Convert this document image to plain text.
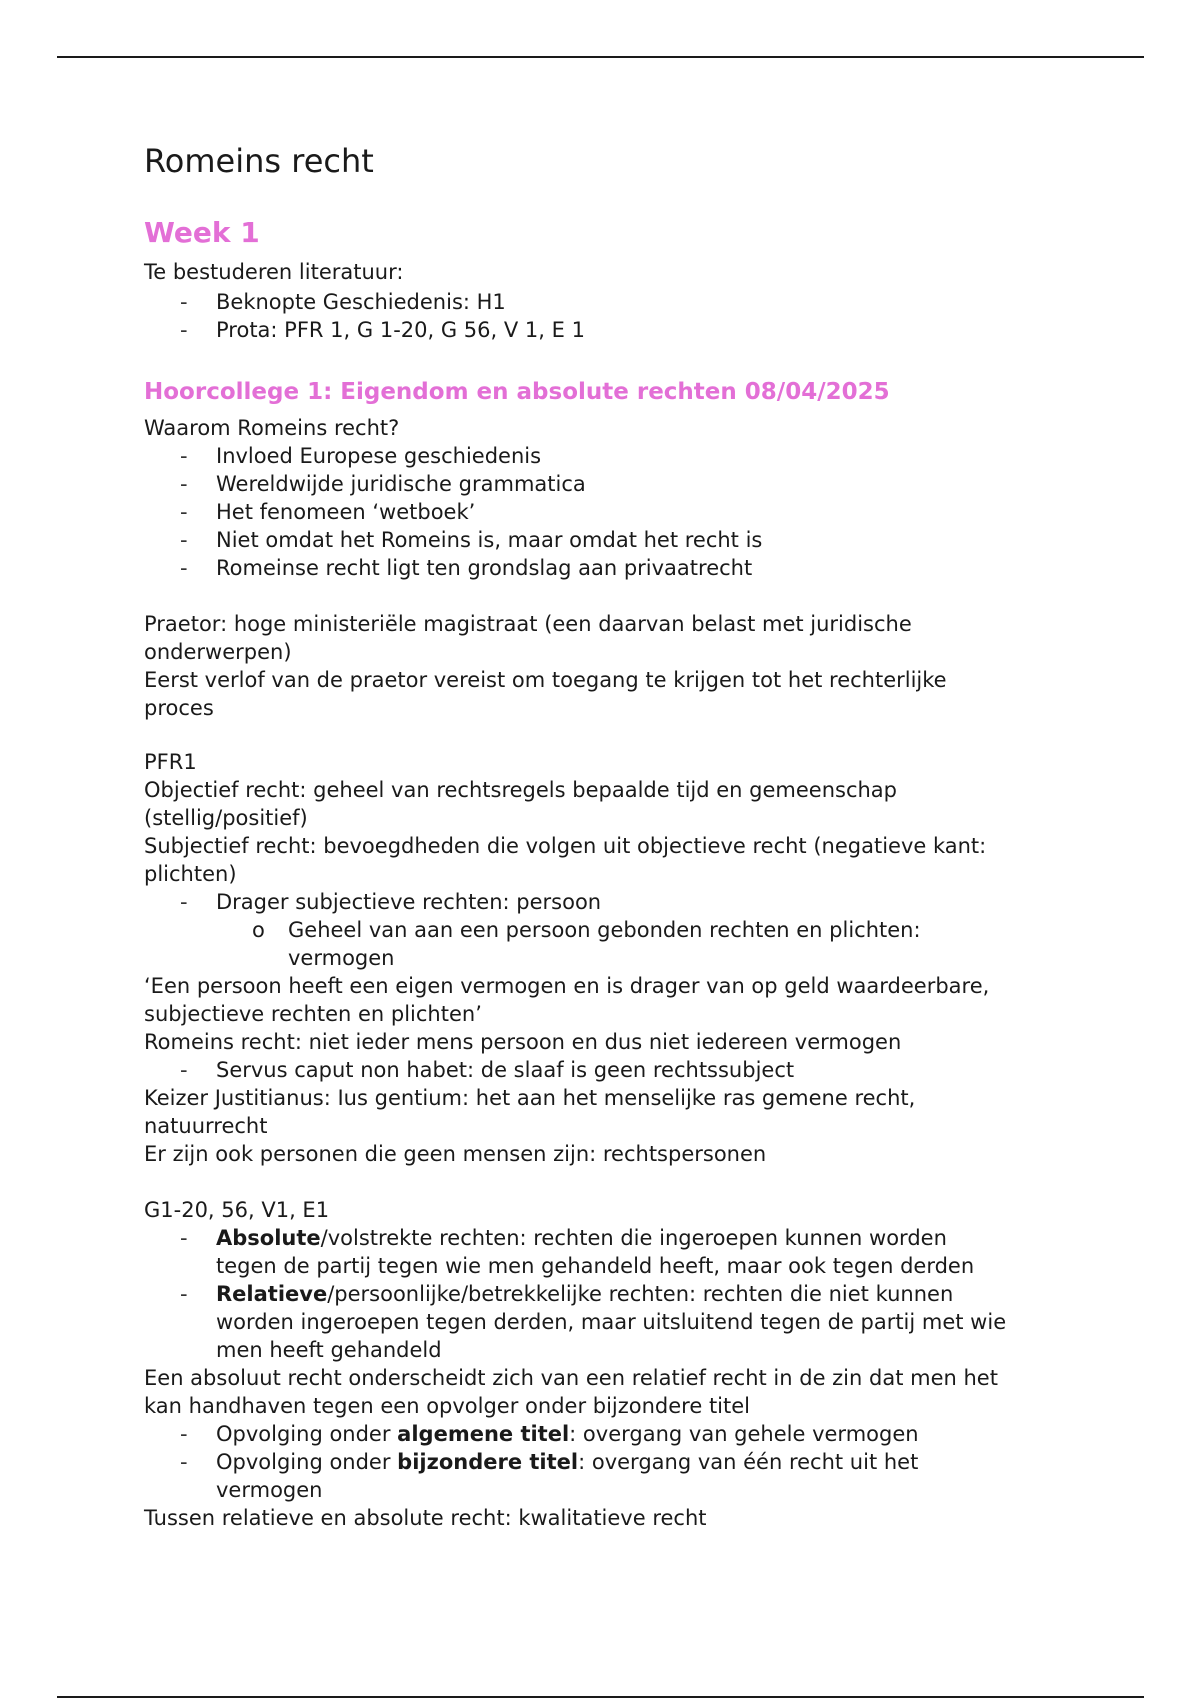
Romeins recht
Week 1
Te bestuderen literatuur:
- Beknopte Geschiedenis: H1
- Prota: PFR 1, G 1-20, G 56, V 1, E 1
Hoorcollege 1: Eigendom en absolute rechten 08/04/2025
Waarom Romeins recht?
- Invloed Europese geschiedenis
- Wereldwijde juridische grammatica
- Het fenomeen ‘wetboek’
- Niet omdat het Romeins is, maar omdat het recht is
- Romeinse recht ligt ten grondslag aan privaatrecht
Praetor: hoge ministeriële magistraat (een daarvan belast met juridische
onderwerpen)
Eerst verlof van de praetor vereist om toegang te krijgen tot het rechterlijke
proces
PFR1
Objectief recht: geheel van rechtsregels bepaalde tijd en gemeenschap
(stellig/positief)
Subjectief recht: bevoegdheden die volgen uit objectieve recht (negatieve kant:
plichten)
- Drager subjectieve rechten: persoon
o Geheel van aan een persoon gebonden rechten en plichten:
vermogen
‘Een persoon heeft een eigen vermogen en is drager van op geld waardeerbare,
subjectieve rechten en plichten’
Romeins recht: niet ieder mens persoon en dus niet iedereen vermogen
- Servus caput non habet: de slaaf is geen rechtssubject
Keizer Justitianus: Ius gentium: het aan het menselijke ras gemene recht,
natuurrecht
Er zijn ook personen die geen mensen zijn: rechtspersonen
G1-20, 56, V1, E1
- Absolute/volstrekte rechten: rechten die ingeroepen kunnen worden
tegen de partij tegen wie men gehandeld heeft, maar ook tegen derden
- Relatieve/persoonlijke/betrekkelijke rechten: rechten die niet kunnen
worden ingeroepen tegen derden, maar uitsluitend tegen de partij met wie
men heeft gehandeld
Een absoluut recht onderscheidt zich van een relatief recht in de zin dat men het
kan handhaven tegen een opvolger onder bijzondere titel
- Opvolging onder algemene titel: overgang van gehele vermogen
- Opvolging onder bijzondere titel: overgang van één recht uit het
vermogen
Tussen relatieve en absolute recht: kwalitatieve recht
